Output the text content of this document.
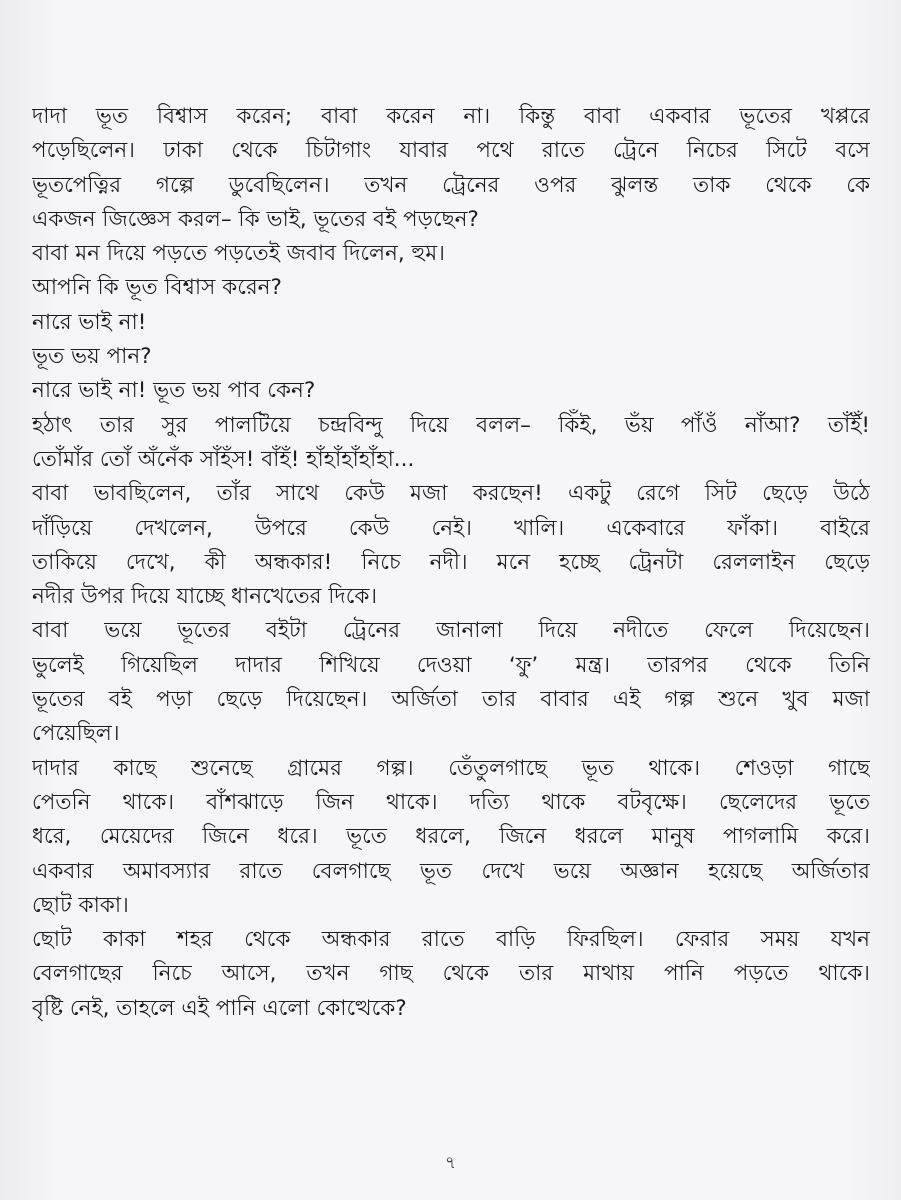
দাদা ভূত বিশ্বাস করেন; বাবা করেন না। কিন্তু বাবা একবার ভূতের খপ্পরে
পড়েছিলেন। ঢাকা থেকে চিটাগাং যাবার পথে রাতে ট্রেনে নিচের সিটে বসে
ভূতপেত্নির গল্পে ডুবেছিলেন। তখন ট্রেনের ওপর ঝুলন্ত তাক থেকে কে
একজন জিজ্ঞেস করল– কি ভাই, ভূতের বই পড়ছেন?
বাবা মন দিয়ে পড়তে পড়তেই জবাব দিলেন, হুম।
আপনি কি ভূত বিশ্বাস করেন?
নারে ভাই না!
ভূত ভয় পান?
নারে ভাই না! ভূত ভয় পাব কেন?
হঠাৎ তার সুর পালটিয়ে চন্দ্রবিন্দু দিয়ে বলল– কিঁই, ভঁয় পাঁওঁ নাঁআ? তাঁইঁ!
তোঁমাঁর তোঁ অঁনেঁক সাঁহঁস! বাঁহঁ! হাঁহাঁহাঁহাঁহা...
বাবা ভাবছিলেন, তাঁর সাথে কেউ মজা করছেন! একটু রেগে সিট ছেড়ে উঠে
দাঁড়িয়ে দেখলেন, উপরে কেউ নেই। খালি। একেবারে ফাঁকা। বাইরে
তাকিয়ে দেখে, কী অন্ধকার! নিচে নদী। মনে হচ্ছে ট্রেনটা রেললাইন ছেড়ে
নদীর উপর দিয়ে যাচ্ছে ধানখেতের দিকে।
বাবা ভয়ে ভূতের বইটা ট্রেনের জানালা দিয়ে নদীতে ফেলে দিয়েছেন।
ভুলেই গিয়েছিল দাদার শিখিয়ে দেওয়া ‘ফু’ মন্ত্র। তারপর থেকে তিনি
ভূতের বই পড়া ছেড়ে দিয়েছেন। অর্জিতা তার বাবার এই গল্প শুনে খুব মজা
পেয়েছিল।
দাদার কাছে শুনেছে গ্রামের গল্প। তেঁতুলগাছে ভূত থাকে। শেওড়া গাছে
পেতনি থাকে। বাঁশঝাড়ে জিন থাকে। দত্যি থাকে বটবৃক্ষে। ছেলেদের ভূতে
ধরে, মেয়েদের জিনে ধরে। ভূতে ধরলে, জিনে ধরলে মানুষ পাগলামি করে।
একবার অমাবস্যার রাতে বেলগাছে ভূত দেখে ভয়ে অজ্ঞান হয়েছে অর্জিতার
ছোট কাকা।
ছোট কাকা শহর থেকে অন্ধকার রাতে বাড়ি ফিরছিল। ফেরার সময় যখন
বেলগাছের নিচে আসে, তখন গাছ থেকে তার মাথায় পানি পড়তে থাকে।
বৃষ্টি নেই, তাহলে এই পানি এলো কোত্থেকে?
৭
